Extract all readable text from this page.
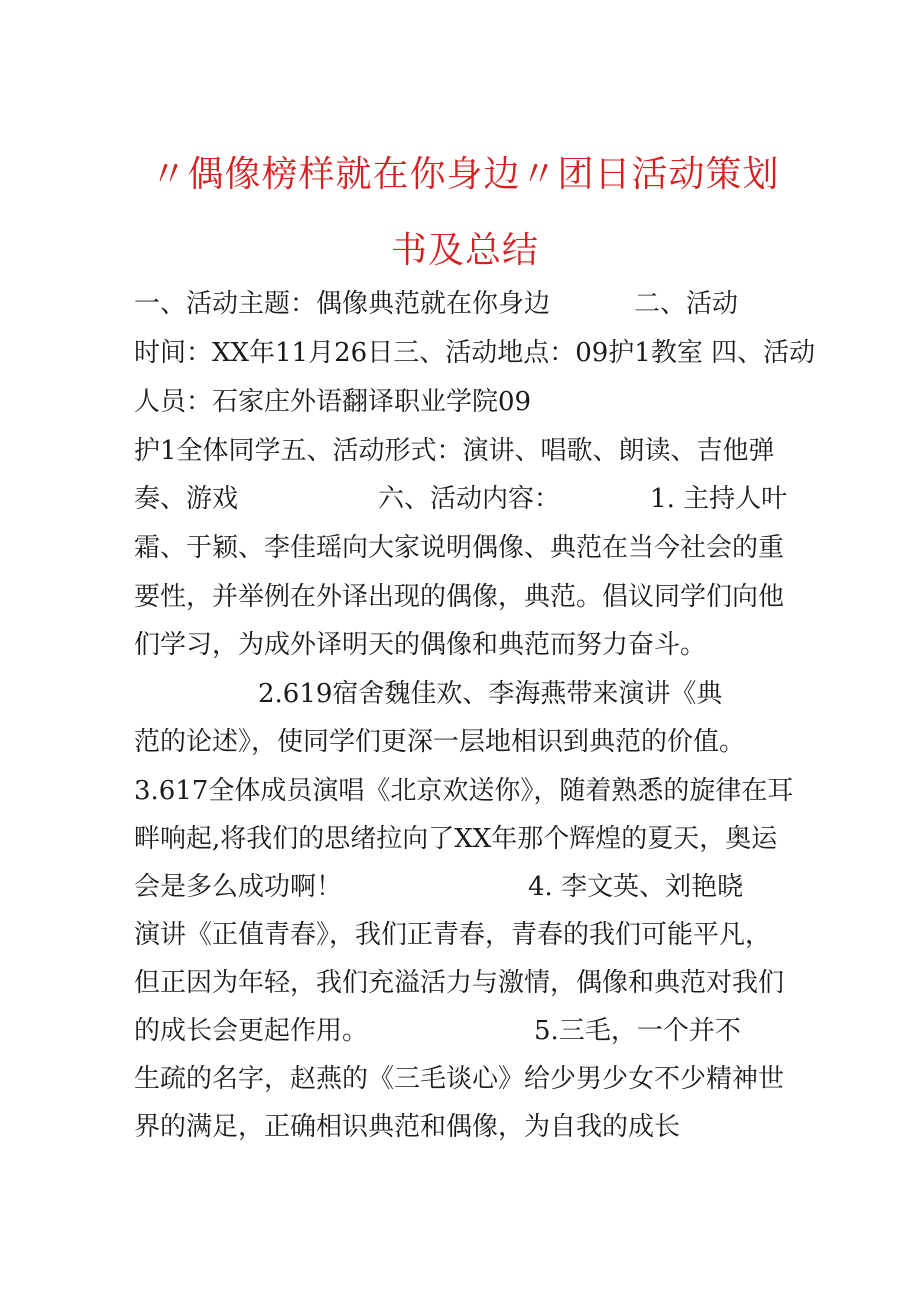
〃偶像榜样就在你身边〃团日活动策划
书及总结
一、活动主题：偶像典范就在你身边	二、活动
时间：XX年11月26日三、活动地点：09护1教室 四、活动
人员：石家庄外语翻译职业学院09
护1全体同学五、活动形式：演讲、唱歌、朗读、吉他弹
奏、游戏	六、活动内容：	1. 主持人叶
霜、于颖、李佳瑶向大家说明偶像、典范在当今社会的重
要性，并举例在外译出现的偶像，典范。倡议同学们向他
们学习，为成外译明天的偶像和典范而努力奋斗。
2.619宿舍魏佳欢、李海燕带来演讲《典
范的论述》，使同学们更深一层地相识到典范的价值。
3.617全体成员演唱《北京欢送你》，随着熟悉的旋律在耳
畔响起,将我们的思绪拉向了XX年那个辉煌的夏天，奥运
会是多么成功啊！	4. 李文英、刘艳晓
演讲《正值青春》，我们正青春，青春的我们可能平凡，
但正因为年轻，我们充溢活力与激情，偶像和典范对我们
的成长会更起作用。	5.三毛，一个并不
生疏的名字，赵燕的《三毛谈心》给少男少女不少精神世
界的满足，正确相识典范和偶像，为自我的成长
